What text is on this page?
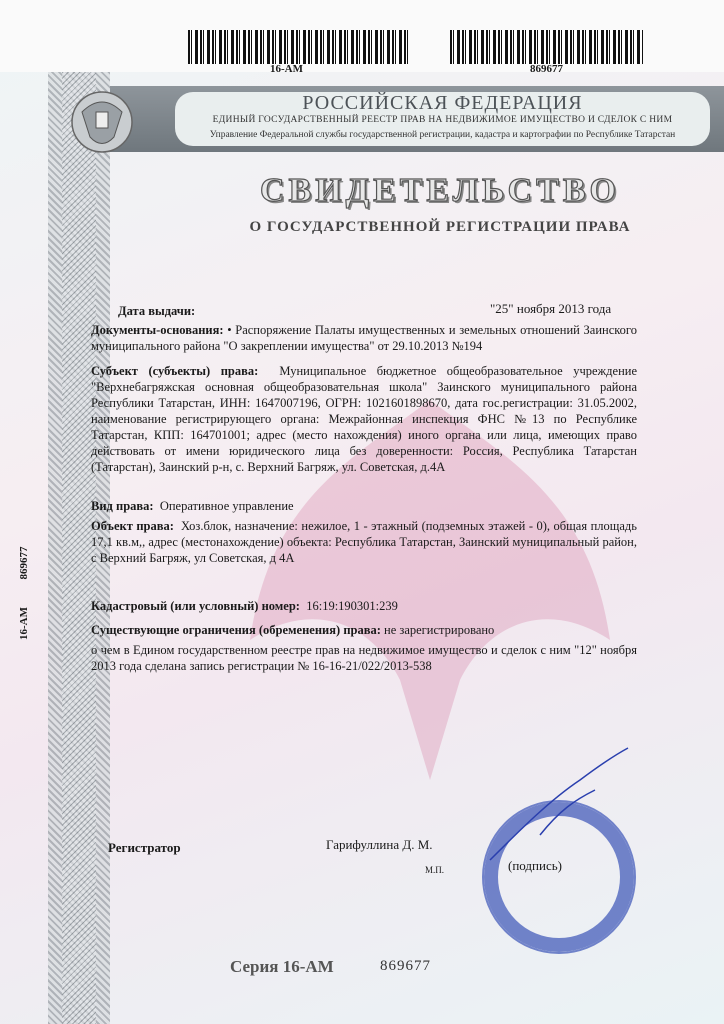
16-АМ	869677
РОССИЙСКАЯ ФЕДЕРАЦИЯ
ЕДИНЫЙ ГОСУДАРСТВЕННЫЙ РЕЕСТР ПРАВ НА НЕДВИЖИМОЕ ИМУЩЕСТВО И СДЕЛОК С НИМ
Управление Федеральной службы государственной регистрации, кадастра и картографии по Республике Татарстан
СВИДЕТЕЛЬСТВО
О ГОСУДАРСТВЕННОЙ РЕГИСТРАЦИИ ПРАВА
Дата выдачи:	"25" ноября 2013 года
Документы-основания: • Распоряжение Палаты имущественных и земельных отношений Заинского муниципального района "О закреплении имущества" от 29.10.2013 №194
Субъект (субъекты) права: Муниципальное бюджетное общеобразовательное учреждение "Верхнебагряжская основная общеобразовательная школа" Заинского муниципального района Республики Татарстан, ИНН: 1647007196, ОГРН: 1021601898670, дата гос.регистрации: 31.05.2002, наименование регистрирующего органа: Межрайонная инспекция ФНС №13 по Республике Татарстан, КПП: 164701001; адрес (место нахождения) иного органа или лица, имеющих право действовать от имени юридического лица без доверенности: Россия, Республика Татарстан (Татарстан), Заинский р-н, с. Верхний Багряж, ул. Советская, д.4А
Вид права: Оперативное управление
Объект права: Хоз.блок, назначение: нежилое, 1 - этажный (подземных этажей - 0), общая площадь 17,1 кв.м,, адрес (местонахождение) объекта: Республика Татарстан, Заинский муниципальный район, с Верхний Багряж, ул Советская, д 4А
Кадастровый (или условный) номер: 16:19:190301:239
Существующие ограничения (обременения) права: не зарегистрировано
о чем в Едином государственном реестре прав на недвижимое имущество и сделок с ним "12" ноября 2013 года сделана запись регистрации № 16-16-21/022/2013-538
16-АМ          869677
Регистратор	Гарифуллина Д. М.
М.П.	(подпись)
Серия 16-АМ	869677
